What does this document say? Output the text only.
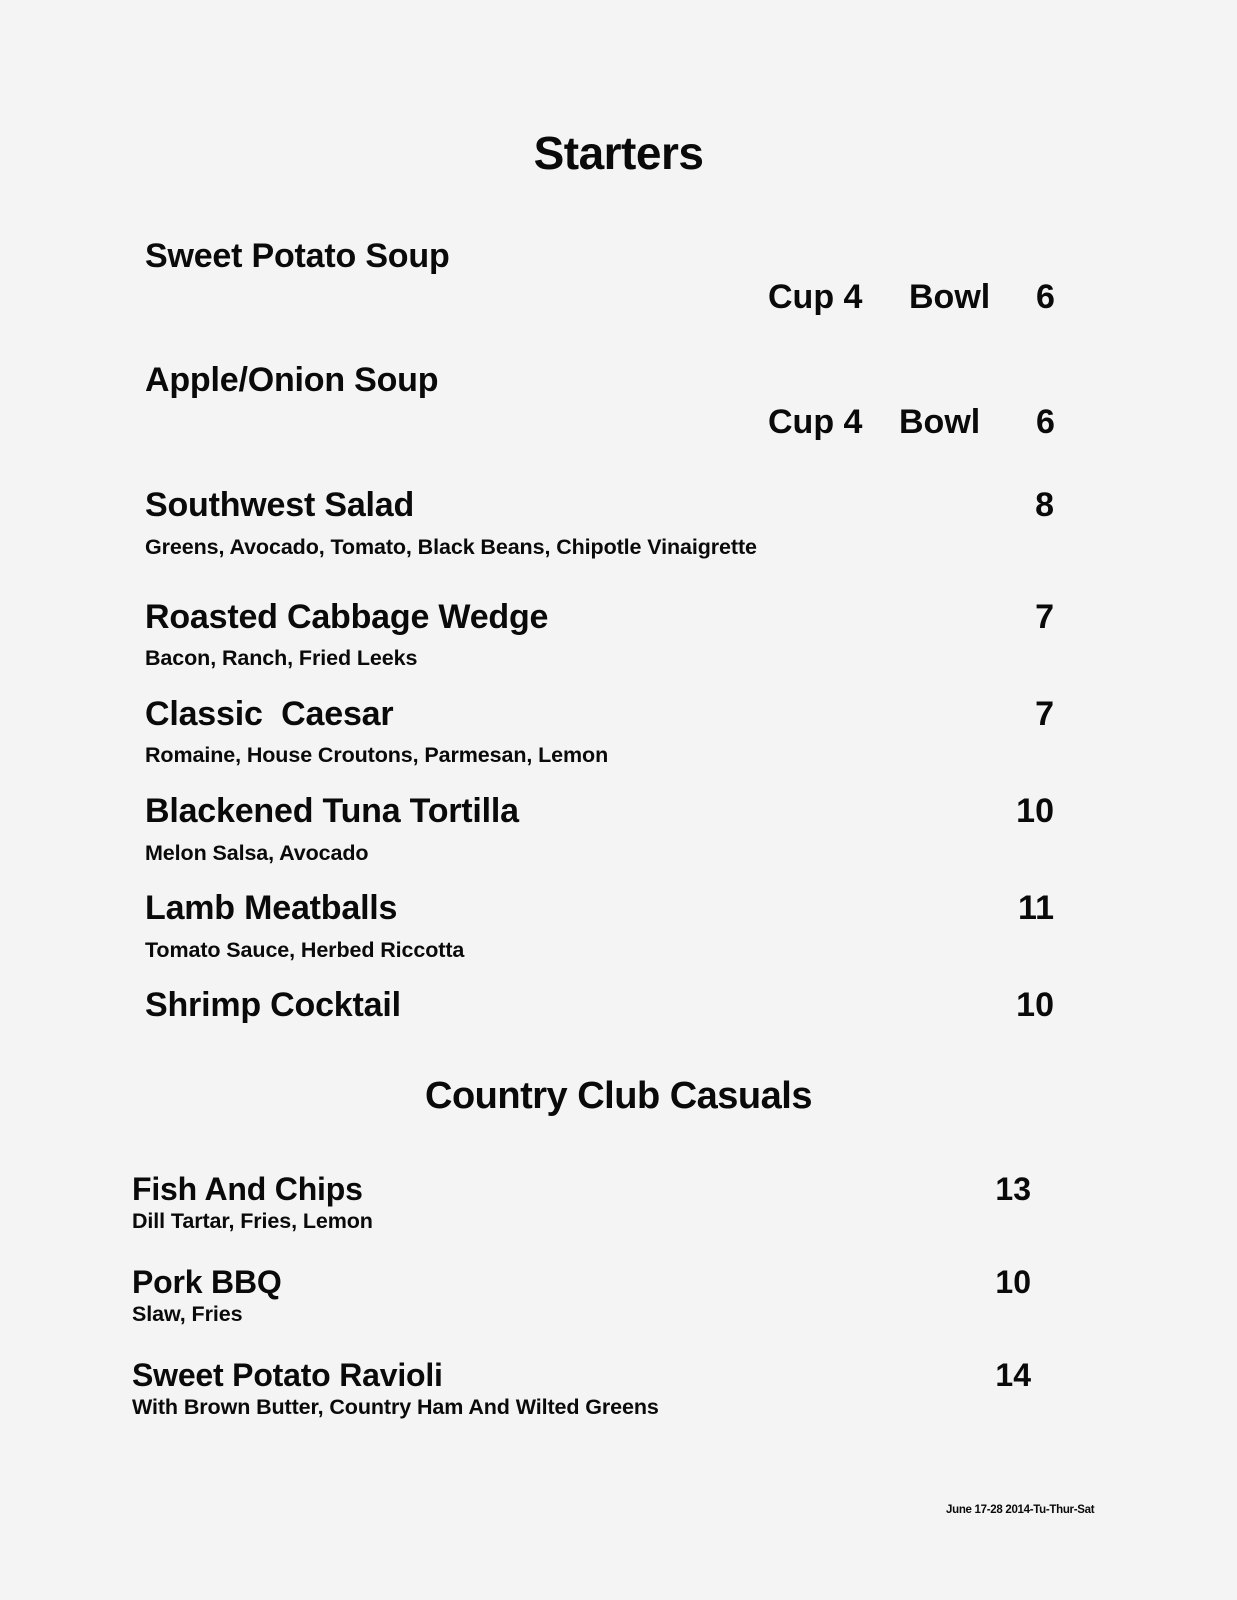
Starters
Sweet Potato Soup
Cup 4 Bowl 6
Apple/Onion Soup
Cup 4 Bowl 6
Southwest Salad
Greens, Avocado, Tomato, Black Beans, Chipotle Vinaigrette
8
Roasted Cabbage Wedge
Bacon, Ranch, Fried Leeks
7
Classic  Caesar
Romaine, House Croutons, Parmesan, Lemon
7
Blackened Tuna Tortilla
Melon Salsa, Avocado
10
Lamb Meatballs
Tomato Sauce, Herbed Riccotta
11
Shrimp Cocktail	10
Country Club Casuals
Fish And Chips
Dill Tartar, Fries, Lemon
13
Pork BBQ
Slaw, Fries
10
Sweet Potato Ravioli
With Brown Butter, Country Ham And Wilted Greens
14
June 17-28 2014-Tu-Thur-Sat
